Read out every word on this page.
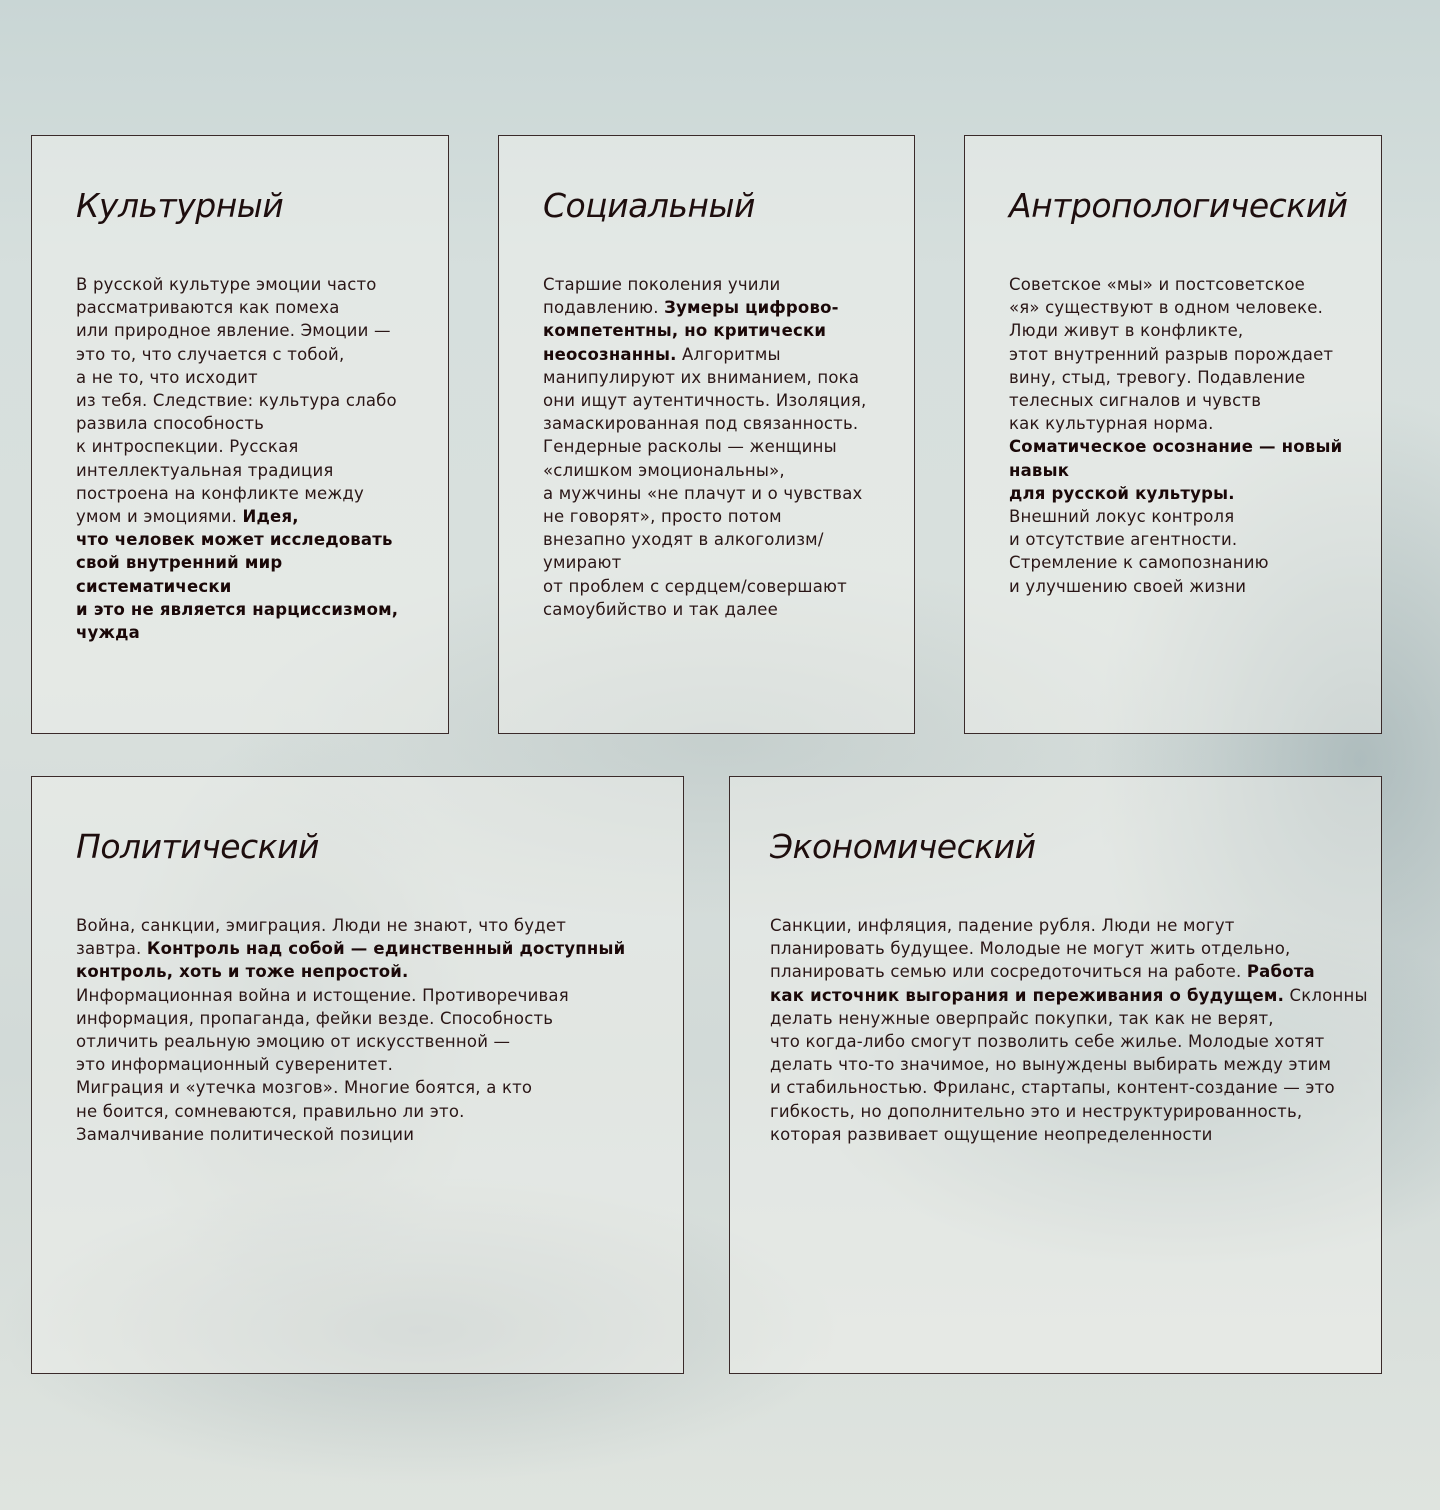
Культурный
В русской культуре эмоции часто
рассматриваются как помеха
или природное явление. Эмоции —
это то, что случается с тобой,
а не то, что исходит
из тебя. Следствие: культура слабо
развила способность
к интроспекции. Русская
интеллектуальная традиция
построена на конфликте между
умом и эмоциями. Идея,
что человек может исследовать
свой внутренний мир
систематически
и это не является нарциссизмом,
чужда
Социальный
Старшие поколения учили
подавлению. Зумеры цифрово-
компетентны, но критически
неосознанны. Алгоритмы
манипулируют их вниманием, пока
они ищут аутентичность. Изоляция,
замаскированная под связанность.
Гендерные расколы — женщины
«слишком эмоциональны»,
а мужчины «не плачут и о чувствах
не говорят», просто потом
внезапно уходят в алкоголизм/
умирают
от проблем с сердцем/совершают
самоубийство и так далее
Антропологический
Советское «мы» и постсоветское
«я» существуют в одном человеке.
Люди живут в конфликте,
этот внутренний разрыв порождает
вину, стыд, тревогу. Подавление
телесных сигналов и чувств
как культурная норма.
Соматическое осознание — новый
навык
для русской культуры.
Внешний локус контроля
и отсутствие агентности.
Стремление к самопознанию
и улучшению своей жизни
Политический
Война, санкции, эмиграция. Люди не знают, что будет
завтра. Контроль над собой — единственный доступный
контроль, хоть и тоже непростой.
Информационная война и истощение. Противоречивая
информация, пропаганда, фейки везде. Способность
отличить реальную эмоцию от искусственной —
это информационный суверенитет.
Миграция и «утечка мозгов». Многие боятся, а кто
не боится, сомневаются, правильно ли это.
Замалчивание политической позиции
Экономический
Санкции, инфляция, падение рубля. Люди не могут
планировать будущее. Молодые не могут жить отдельно,
планировать семью или сосредоточиться на работе. Работа
как источник выгорания и переживания о будущем. Склонны
делать ненужные оверпрайс покупки, так как не верят,
что когда-либо смогут позволить себе жилье. Молодые хотят
делать что-то значимое, но вынуждены выбирать между этим
и стабильностью. Фриланс, стартапы, контент-создание — это
гибкость, но дополнительно это и неструктурированность,
которая развивает ощущение неопределенности
